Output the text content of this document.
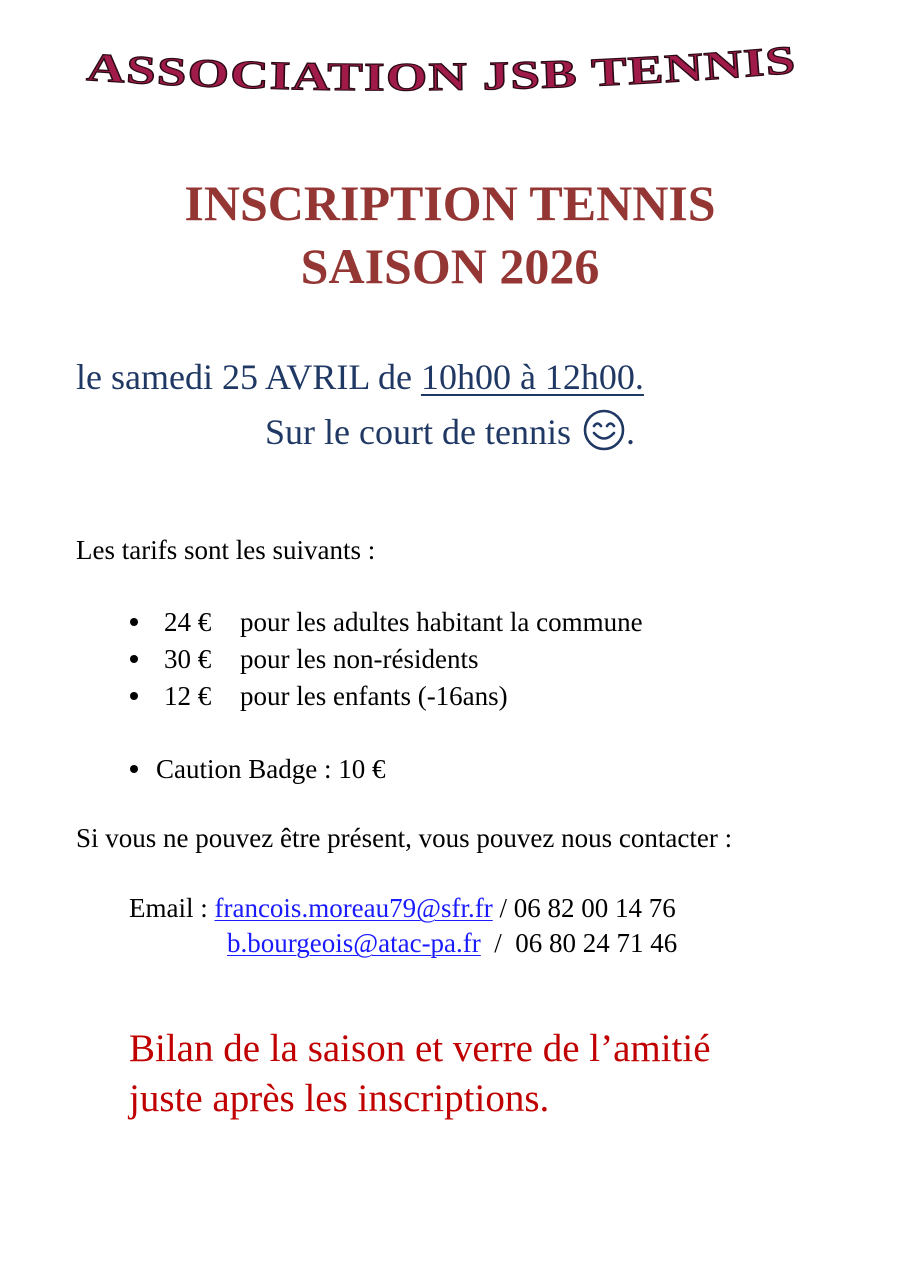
ASSOCIATION JSB TENNIS
INSCRIPTION TENNIS
SAISON 2026
le samedi 25 AVRIL de 10h00 à 12h00.
Sur le court de tennis .
Les tarifs sont les suivants :
24 € pour les adultes habitant la commune
30 € pour les non-résidents
12 € pour les enfants (-16ans)
Caution Badge : 10 €
Si vous ne pouvez être présent, vous pouvez nous contacter :
Email : francois.moreau79@sfr.fr / 06 82 00 14 76
b.bourgeois@atac-pa.fr  /  06 80 24 71 46
Bilan de la saison et verre de l’amitié
juste après les inscriptions.
